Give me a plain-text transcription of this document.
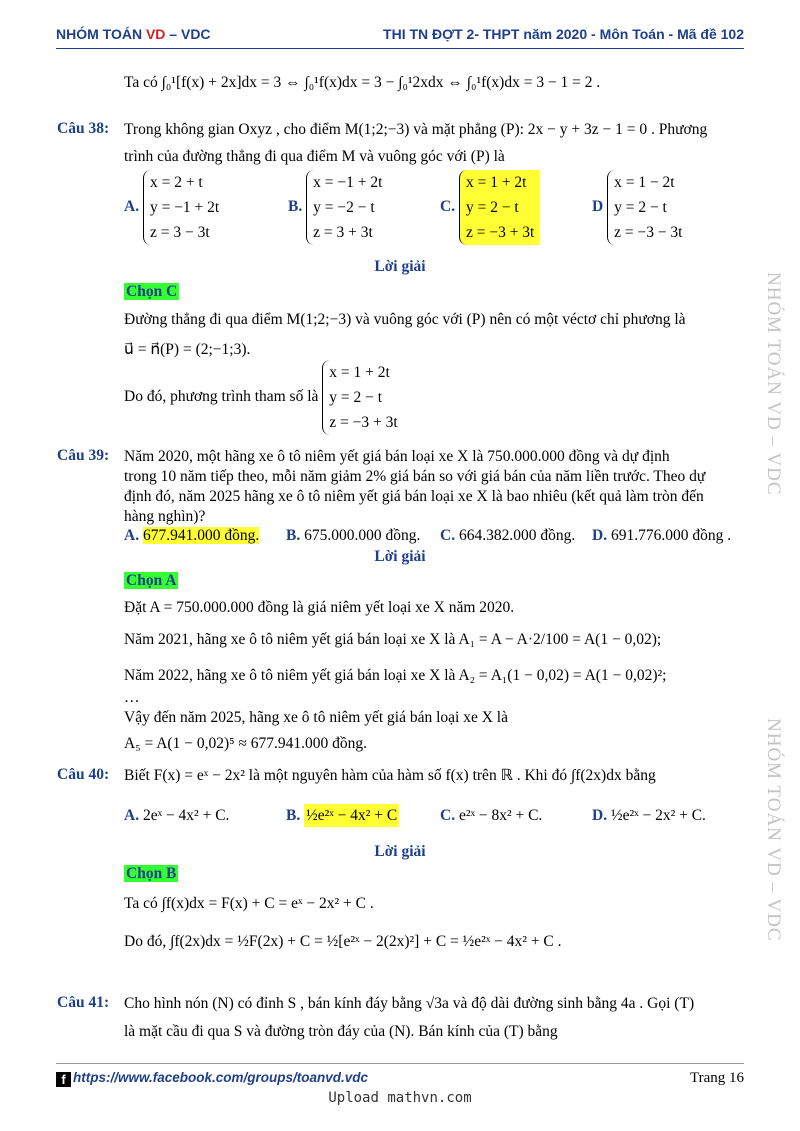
NHÓM TOÁN VD – VDC	THI TN ĐỢT 2- THPT năm 2020 - Môn Toán - Mã đề 102
NHÓM TOÁN VD – VDC
NHÓM TOÁN VD – VDC
Ta có ∫₀¹[f(x) + 2x]dx = 3 ⇔ ∫₀¹f(x)dx = 3 − ∫₀¹2xdx ⇔ ∫₀¹f(x)dx = 3 − 1 = 2 .
Câu 38: Trong không gian Oxyz , cho điểm M(1;2;−3) và mặt phẳng (P): 2x − y + 3z − 1 = 0 . Phương
trình của đường thẳng đi qua điểm M và vuông góc với (P) là
A.
x = 2 + t
y = −1 + 2t
z = 3 − 3t
B.
x = −1 + 2t
y = −2 − t
z = 3 + 3t
C.
x = 1 + 2t
y = 2 − t
z = −3 + 3t
D
x = 1 − 2t
y = 2 − t
z = −3 − 3t
Lời giải
Chọn C
Đường thẳng đi qua điểm M(1;2;−3) và vuông góc với (P) nên có một véctơ chỉ phương là
u⃗ = n⃗(P) = (2;−1;3).
Do đó, phương trình tham số là
x = 1 + 2t
y = 2 − t
z = −3 + 3t
Câu 39: Năm 2020, một hãng xe ô tô niêm yết giá bán loại xe X là 750.000.000 đồng và dự định
trong 10 năm tiếp theo, mỗi năm giảm 2% giá bán so với giá bán của năm liền trước. Theo dự
định đó, năm 2025 hãng xe ô tô niêm yết giá bán loại xe X là bao nhiêu (kết quả làm tròn đến
hàng nghìn)?
A. 677.941.000 đồng. B. 675.000.000 đồng. C. 664.382.000 đồng. D. 691.776.000 đồng .
Lời giải
Chọn A
Đặt A = 750.000.000 đồng là giá niêm yết loại xe X năm 2020.
Năm 2021, hãng xe ô tô niêm yết giá bán loại xe X là A₁ = A − A·2/100 = A(1 − 0,02);
Năm 2022, hãng xe ô tô niêm yết giá bán loại xe X là A₂ = A₁(1 − 0,02) = A(1 − 0,02)²;
…
Vậy đến năm 2025, hãng xe ô tô niêm yết giá bán loại xe X là
A₅ = A(1 − 0,02)⁵ ≈ 677.941.000 đồng.
Câu 40: Biết F(x) = eˣ − 2x² là một nguyên hàm của hàm số f(x) trên ℝ . Khi đó ∫f(2x)dx bằng
A. 2eˣ − 4x² + C.	B. ½e²ˣ − 4x² + C	C. e²ˣ − 8x² + C.	D. ½e²ˣ − 2x² + C.
Lời giải
Chọn B
Ta có ∫f(x)dx = F(x) + C = eˣ − 2x² + C .
Do đó, ∫f(2x)dx = ½F(2x) + C = ½[e²ˣ − 2(2x)²] + C = ½e²ˣ − 4x² + C .
Câu 41: Cho hình nón (N) có đỉnh S , bán kính đáy bằng √3a và độ dài đường sinh bằng 4a . Gọi (T)
là mặt cầu đi qua S và đường tròn đáy của (N). Bán kính của (T) bằng
f https://www.facebook.com/groups/toanvd.vdc	Trang 16
Upload mathvn.com
